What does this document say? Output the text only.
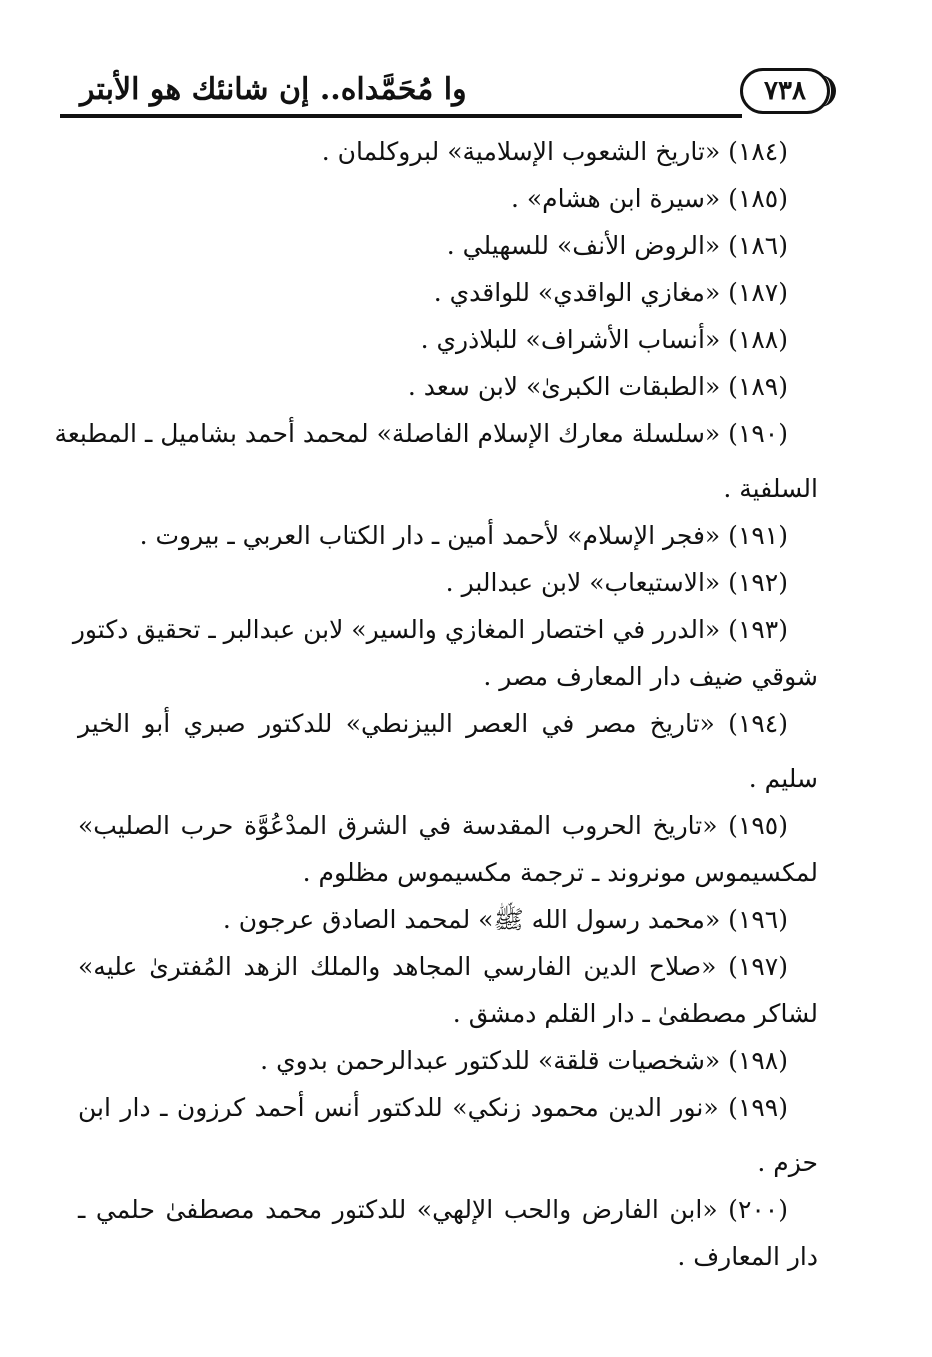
وا مُحَمَّداه.. إن شانئك هو الأبتر	٧٣٨

(١٨٤) «تاريخ الشعوب الإسلامية» لبروكلمان .

(١٨٥) «سيرة ابن هشام» .

(١٨٦) «الروض الأنف» للسهيلي .

(١٨٧) «مغازي الواقدي» للواقدي .

(١٨٨) «أنساب الأشراف» للبلاذري .

(١٨٩) «الطبقات الكبرىٰ» لابن سعد .

(١٩٠) «سلسلة معارك الإسلام الفاصلة» لمحمد أحمد بشاميل ـ المطبعة
السلفية .

(١٩١) «فجر الإسلام» لأحمد أمين ـ دار الكتاب العربي ـ بيروت .

(١٩٢) «الاستيعاب» لابن عبدالبر .

(١٩٣) «الدرر في اختصار المغازي والسير» لابن عبدالبر ـ تحقيق دكتور
شوقي ضيف دار المعارف مصر .

(١٩٤) «تاريخ مصر في العصر البيزنطي» للدكتور صبري أبو الخير
سليم .

(١٩٥) «تاريخ الحروب المقدسة في الشرق المدْعُوَّة حرب الصليب»
لمكسيموس مونروند ـ ترجمة مكسيموس مظلوم .

(١٩٦) «محمد رسول الله ﷺ» لمحمد الصادق عرجون .

(١٩٧) «صلاح الدين الفارسي المجاهد والملك الزهد المُفترىٰ عليه»
لشاكر مصطفىٰ ـ دار القلم دمشق .

(١٩٨) «شخصيات قلقة» للدكتور عبدالرحمن بدوي .

(١٩٩) «نور الدين محمود زنكي» للدكتور أنس أحمد كرزون ـ دار ابن
حزم .

(٢٠٠) «ابن الفارض والحب الإلهي» للدكتور محمد مصطفىٰ حلمي ـ
دار المعارف .
